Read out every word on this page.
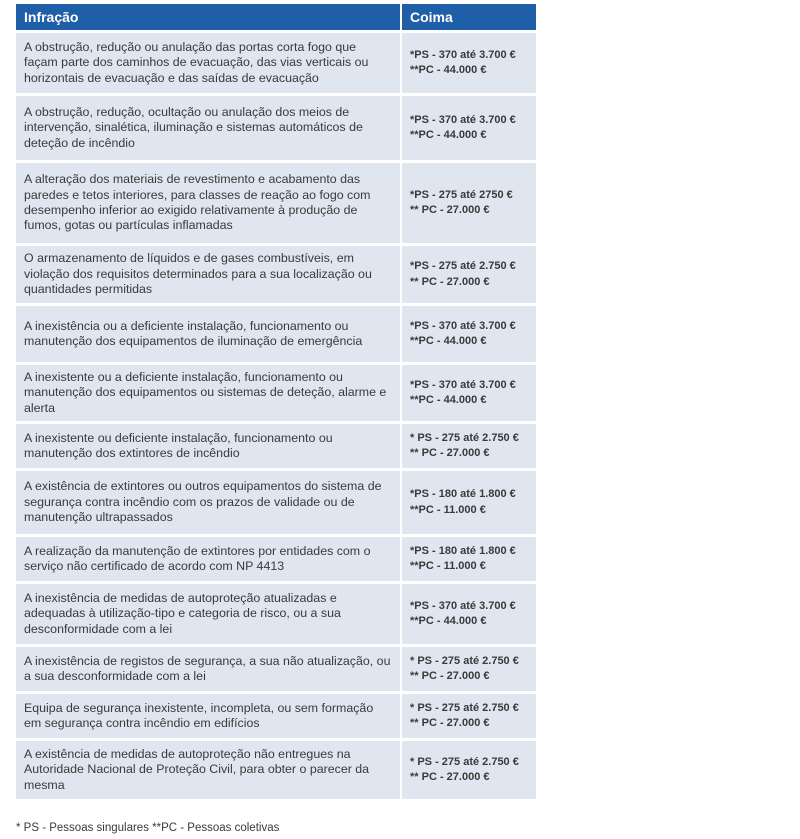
Infração	Coima
A obstrução, redução ou anulação das portas corta fogo que façam parte dos caminhos de evacuação, das vias verticais ou horizontais de evacuação e das saídas de evacuação
*PS - 370 até 3.700 €
**PC - 44.000 €
A obstrução, redução, ocultação ou anulação dos meios de intervenção, sinalética, iluminação e sistemas automáticos de deteção de incêndio
*PS - 370 até 3.700 €
**PC - 44.000 €
A alteração dos materiais de revestimento e acabamento das paredes e tetos interiores, para classes de reação ao fogo com desempenho inferior ao exigido relativamente à produção de fumos, gotas ou partículas inflamadas
*PS - 275 até 2750 €
** PC - 27.000 €
O armazenamento de líquidos e de gases combustíveis, em violação dos requisitos determinados para a sua localização ou quantidades permitidas
*PS - 275 até 2.750 €
** PC - 27.000 €
A inexistência ou a deficiente instalação, funcionamento ou manutenção dos equipamentos de iluminação de emergência
*PS - 370 até 3.700 €
**PC - 44.000 €
A inexistente ou a deficiente instalação, funcionamento ou manutenção dos equipamentos ou sistemas de deteção, alarme e alerta
*PS - 370 até 3.700 €
**PC - 44.000 €
A inexistente ou deficiente instalação, funcionamento ou manutenção dos extintores de incêndio
* PS - 275 até 2.750 €
** PC - 27.000 €
A existência de extintores ou outros equipamentos do sistema de segurança contra incêndio com os prazos de validade ou de manutenção ultrapassados
*PS - 180 até 1.800 €
**PC - 11.000 €
A realização da manutenção de extintores por entidades com o serviço não certificado de acordo com NP 4413
*PS - 180 até 1.800 €
**PC - 11.000 €
A inexistência de medidas de autoproteção atualizadas e adequadas à utilização-tipo e categoria de risco, ou a sua desconformidade com a lei
*PS - 370 até 3.700 €
**PC - 44.000 €
A inexistência de registos de segurança, a sua não atualização, ou a sua desconformidade com a lei
* PS - 275 até 2.750 €
** PC - 27.000 €
Equipa de segurança inexistente, incompleta, ou sem formação em segurança contra incêndio em edifícios
* PS - 275 até 2.750 €
** PC - 27.000 €
A existência de medidas de autoproteção não entregues na Autoridade Nacional de Proteção Civil, para obter o parecer da mesma
* PS - 275 até 2.750 €
** PC - 27.000 €
* PS - Pessoas singulares **PC - Pessoas coletivas
